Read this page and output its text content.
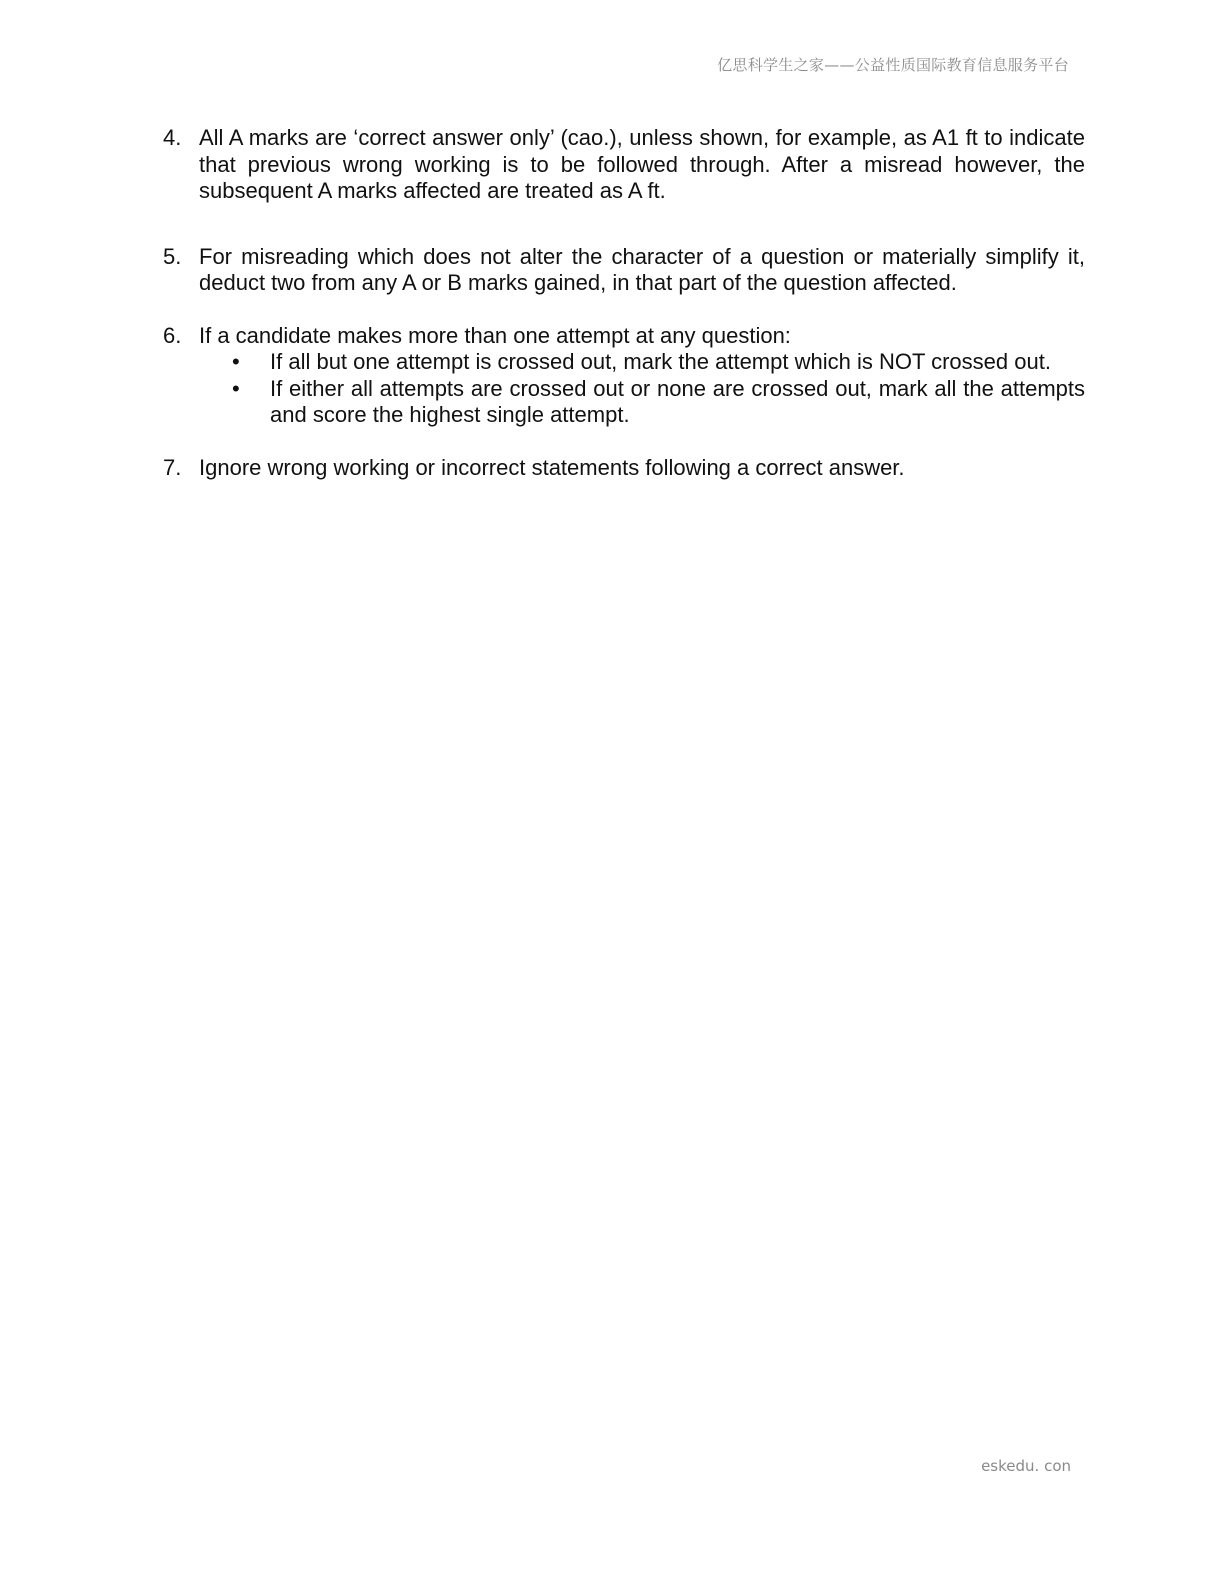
亿思科学生之家——公益性质国际教育信息服务平台
4. All A marks are ‘correct answer only’ (cao.), unless shown, for example, as A1 ft to indicate that previous wrong working is to be followed through. After a misread however, the subsequent A marks affected are treated as A ft.
5. For misreading which does not alter the character of a question or materially simplify it, deduct two from any A or B marks gained, in that part of the question affected.
6. If a candidate makes more than one attempt at any question:
•	If all but one attempt is crossed out, mark the attempt which is NOT crossed out.
•	If either all attempts are crossed out or none are crossed out, mark all the attempts and score the highest single attempt.
7. Ignore wrong working or incorrect statements following a correct answer.
eskedu. con
